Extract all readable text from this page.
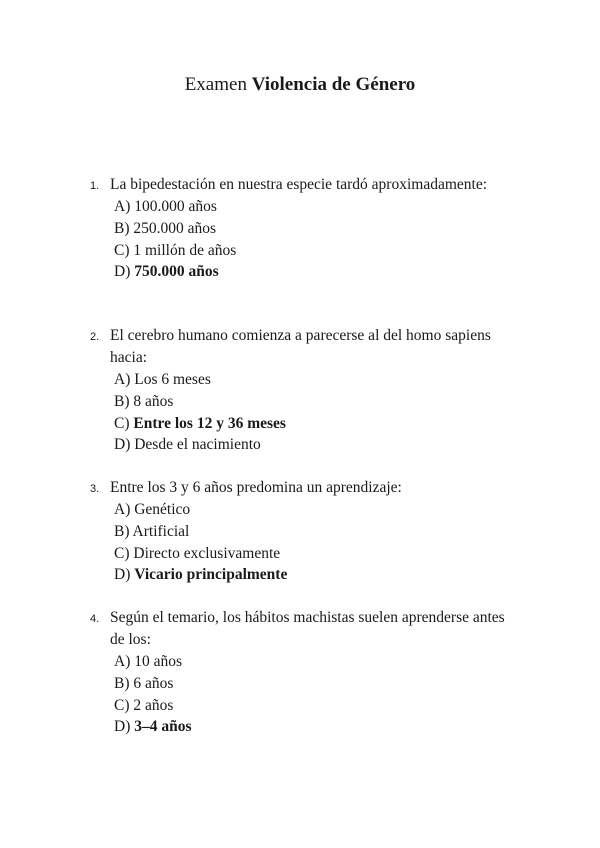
Examen Violencia de Género
1. La bipedestación en nuestra especie tardó aproximadamente:
A) 100.000 años
B) 250.000 años
C) 1 millón de años
D) 750.000 años
2. El cerebro humano comienza a parecerse al del homo sapiens hacia:
A) Los 6 meses
B) 8 años
C) Entre los 12 y 36 meses
D) Desde el nacimiento
3. Entre los 3 y 6 años predomina un aprendizaje:
A) Genético
B) Artificial
C) Directo exclusivamente
D) Vicario principalmente
4. Según el temario, los hábitos machistas suelen aprenderse antes de los:
A) 10 años
B) 6 años
C) 2 años
D) 3–4 años
